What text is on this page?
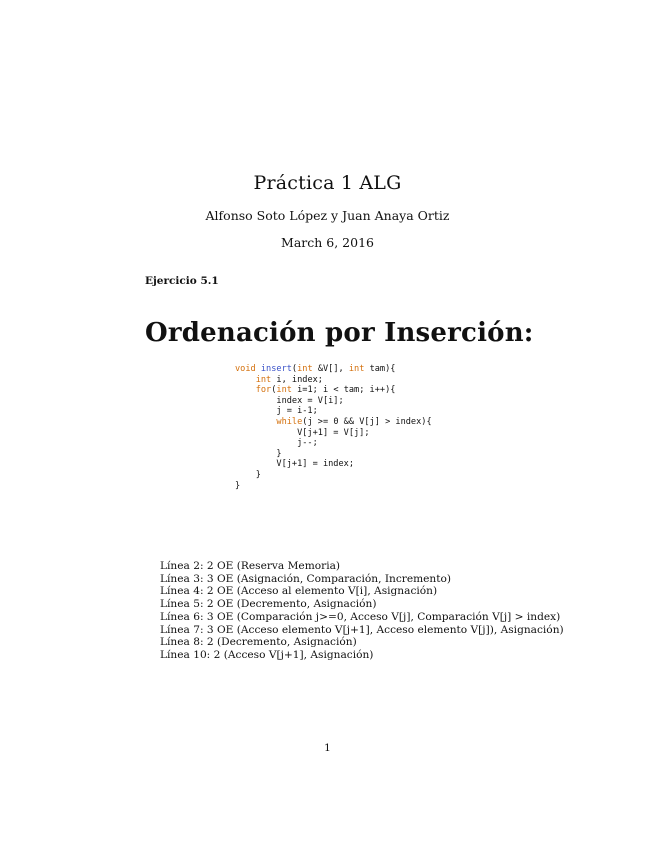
Práctica 1 ALG
Alfonso Soto López y Juan Anaya Ortiz
March 6, 2016
Ejercicio 5.1
Ordenación por Inserción:
void insert(int &V[], int tam){
int i, index;
for(int i=1; i < tam; i++){
index = V[i];
j = i-1;
while(j >= 0 && V[j] > index){
V[j+1] = V[j];
j--;
}
V[j+1] = index;
}
}
Línea 2: 2 OE (Reserva Memoria)
Línea 3: 3 OE (Asignación, Comparación, Incremento)
Línea 4: 2 OE (Acceso al elemento V[i], Asignación)
Línea 5: 2 OE (Decremento, Asignación)
Línea 6: 3 OE (Comparación j>=0, Acceso V[j], Comparación V[j] > index)
Línea 7: 3 OE (Acceso elemento V[j+1], Acceso elemento V[j]), Asignación)
Línea 8: 2 (Decremento, Asignación)
Línea 10: 2 (Acceso V[j+1], Asignación)
1
